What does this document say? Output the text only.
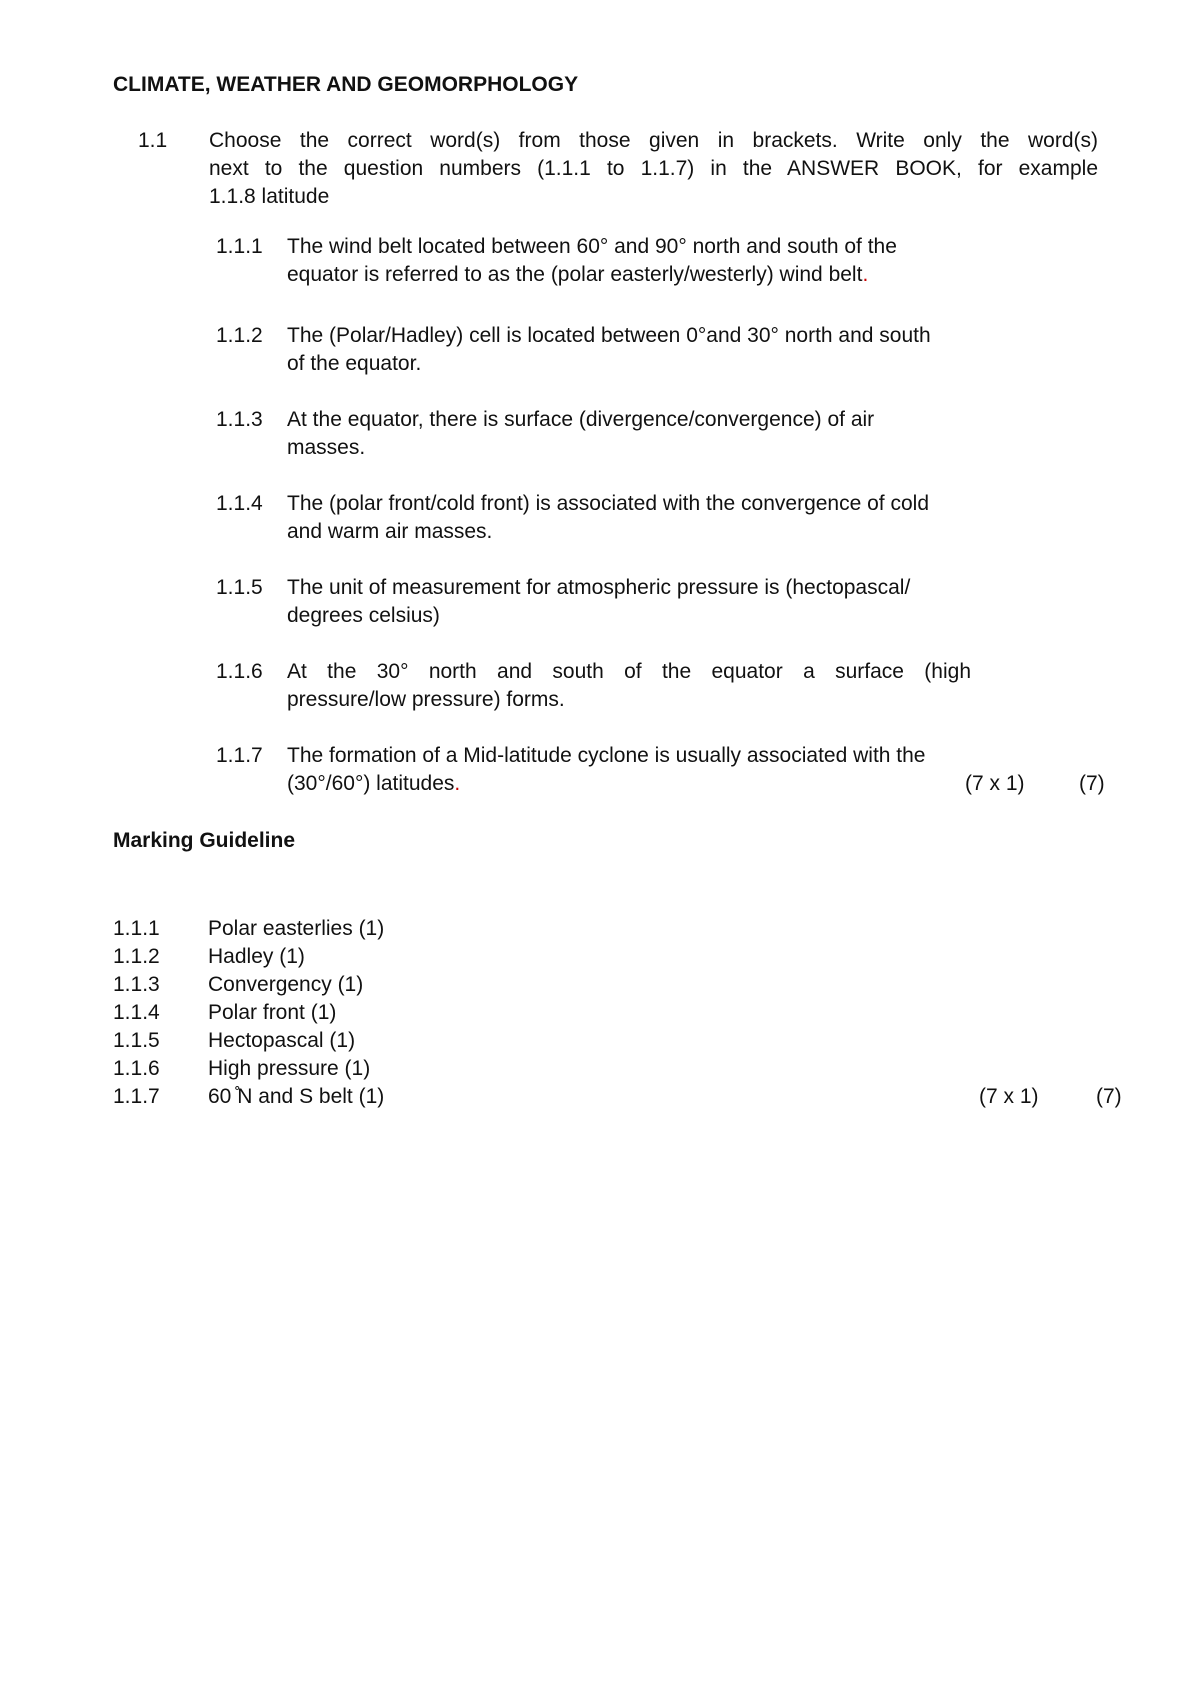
CLIMATE, WEATHER AND GEOMORPHOLOGY
1.1 Choose the correct word(s) from those given in brackets. Write only the word(s)
next to the question numbers (1.1.1 to 1.1.7) in the ANSWER BOOK, for example
1.1.8 latitude
1.1.1 The wind belt located between 60° and 90° north and south of the
equator is referred to as the (polar easterly/westerly) wind belt.
1.1.2 The (Polar/Hadley) cell is located between 0°and 30° north and south
of the equator.
1.1.3 At the equator, there is surface (divergence/convergence) of air
masses.
1.1.4 The (polar front/cold front) is associated with the convergence of cold
and warm air masses.
1.1.5 The unit of measurement for atmospheric pressure is (hectopascal/
degrees celsius)
1.1.6 At the 30° north and south of the equator a surface (high
pressure/low pressure) forms.
1.1.7 The formation of a Mid-latitude cyclone is usually associated with the
(30°/60°) latitudes.	(7 x 1)	(7)
Marking Guideline
1.1.1 Polar easterlies (1)
1.1.2 Hadley (1)
1.1.3 Convergency (1)
1.1.4 Polar front (1)
1.1.5 Hectopascal (1)
1.1.6 High pressure (1)
1.1.7 60 ̊N and S belt (1)	(7 x 1)	(7)
